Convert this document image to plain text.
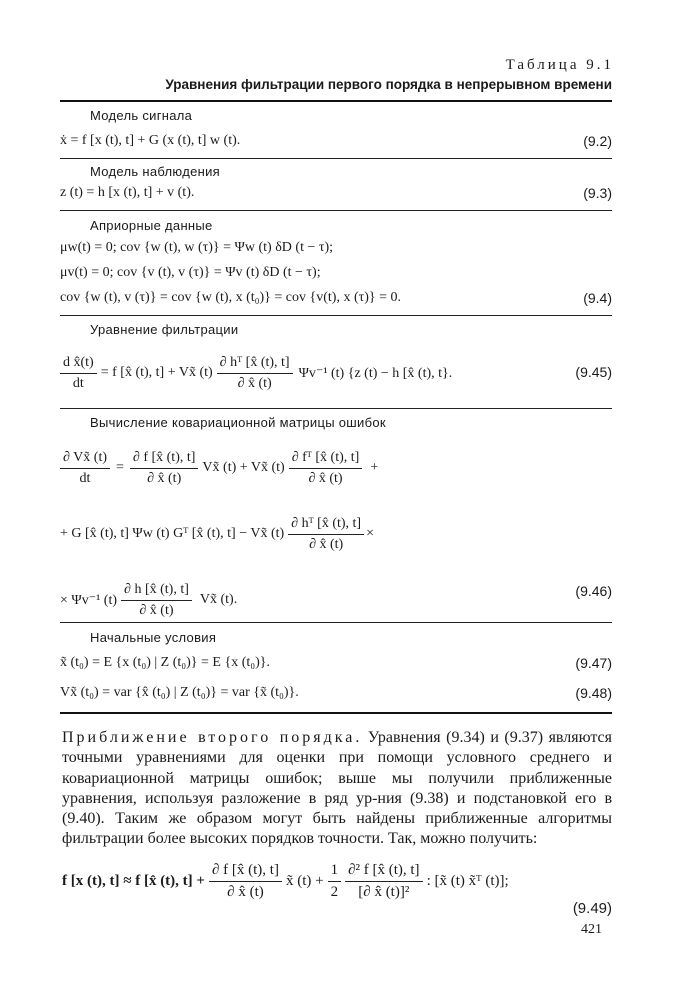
Таблица 9.1
Уравнения фильтрации первого порядка в непрерывном времени
Модель сигнала
ẋ = f [x (t), t] + G (x (t), t] w (t).	(9.2)
Модель наблюдения
z (t) = h [x (t), t] + v (t).	(9.3)
Априорные данные
μw(t) = 0; cov {w (t), w (τ)} = Ψw (t) δD (t − τ);
μv(t) = 0; cov {v (t), v (τ)} = Ψv (t) δD (t − τ);
cov {w (t), v (τ)} = cov {w (t), x (t₀)} = cov {v(t), x (τ)} = 0.	(9.4)
Уравнение фильтрации
$\frac{\text{d x̂(t)}}{dt} = f$ [x̂ (t), t] + Vx̃ $(t) \frac{\text{∂ hᵀ [x̂ (t), t]}}{\partial x̂ (t)} \Psi v^{-1}$ (t) {z (t) − h [x̂ (t), t}.	(9.45)
Вычисление ковариационной матрицы ошибок
$\frac{\partial Vx̃ (t)}{dt} = \frac{\partial f [x̂ (t), t]}{\partial x̂ (t)}$ Vx̃ (t) + Vx̃ $(t) \frac{\text{∂ fᵀ [x̂ (t), t]}}{\partial x̂ (t)}$ +
+ G [x̂ (t), t] Ψw (t) Gᵀ [x̂ (t), t] − Vx̃ $(t) \frac{\text{∂ hᵀ [x̂ (t), t]}}{\partial x̂ (t)}$ ×
× Ψv⁻¹ $(t) \frac{\partial h [x̂ (t), t]}{\partial x̂ (t)}$ Vx̃ (t).
(9.46)
Начальные условия
x̃ (t₀) = E {x (t₀) | Z (t₀)} = E {x (t₀)}.	(9.47)
Vx̃ (t₀) = var {x̂ (t₀) | Z (t₀)} = var {x̃ (t₀)}.	(9.48)
Приближение второго порядка. Уравнения (9.34) и (9.37) являются точными уравнениями для оценки при помощи условного среднего и ковариационной матрицы ошибок; выше мы получили приближенные уравнения, используя разложение в ряд ур-ния (9.38) и подстановкой его в (9.40). Таким же образом могут быть найдены приближенные алгоритмы фильтрации более высоких порядков точности. Так, можно получить:
f [x (t), t] ≈ f [x̂ (t), $t] + \frac{\partial f [x̂ (t), t]}{\partial x̂ (t)}$ x̃ $(t) + \frac{1}{2} \frac{\text{∂² f [x̂ (t), t]}}{\text{[∂ x̂ (t)]²}}$ : [x̃ (t) x̃ᵀ (t)];
(9.49)
421
